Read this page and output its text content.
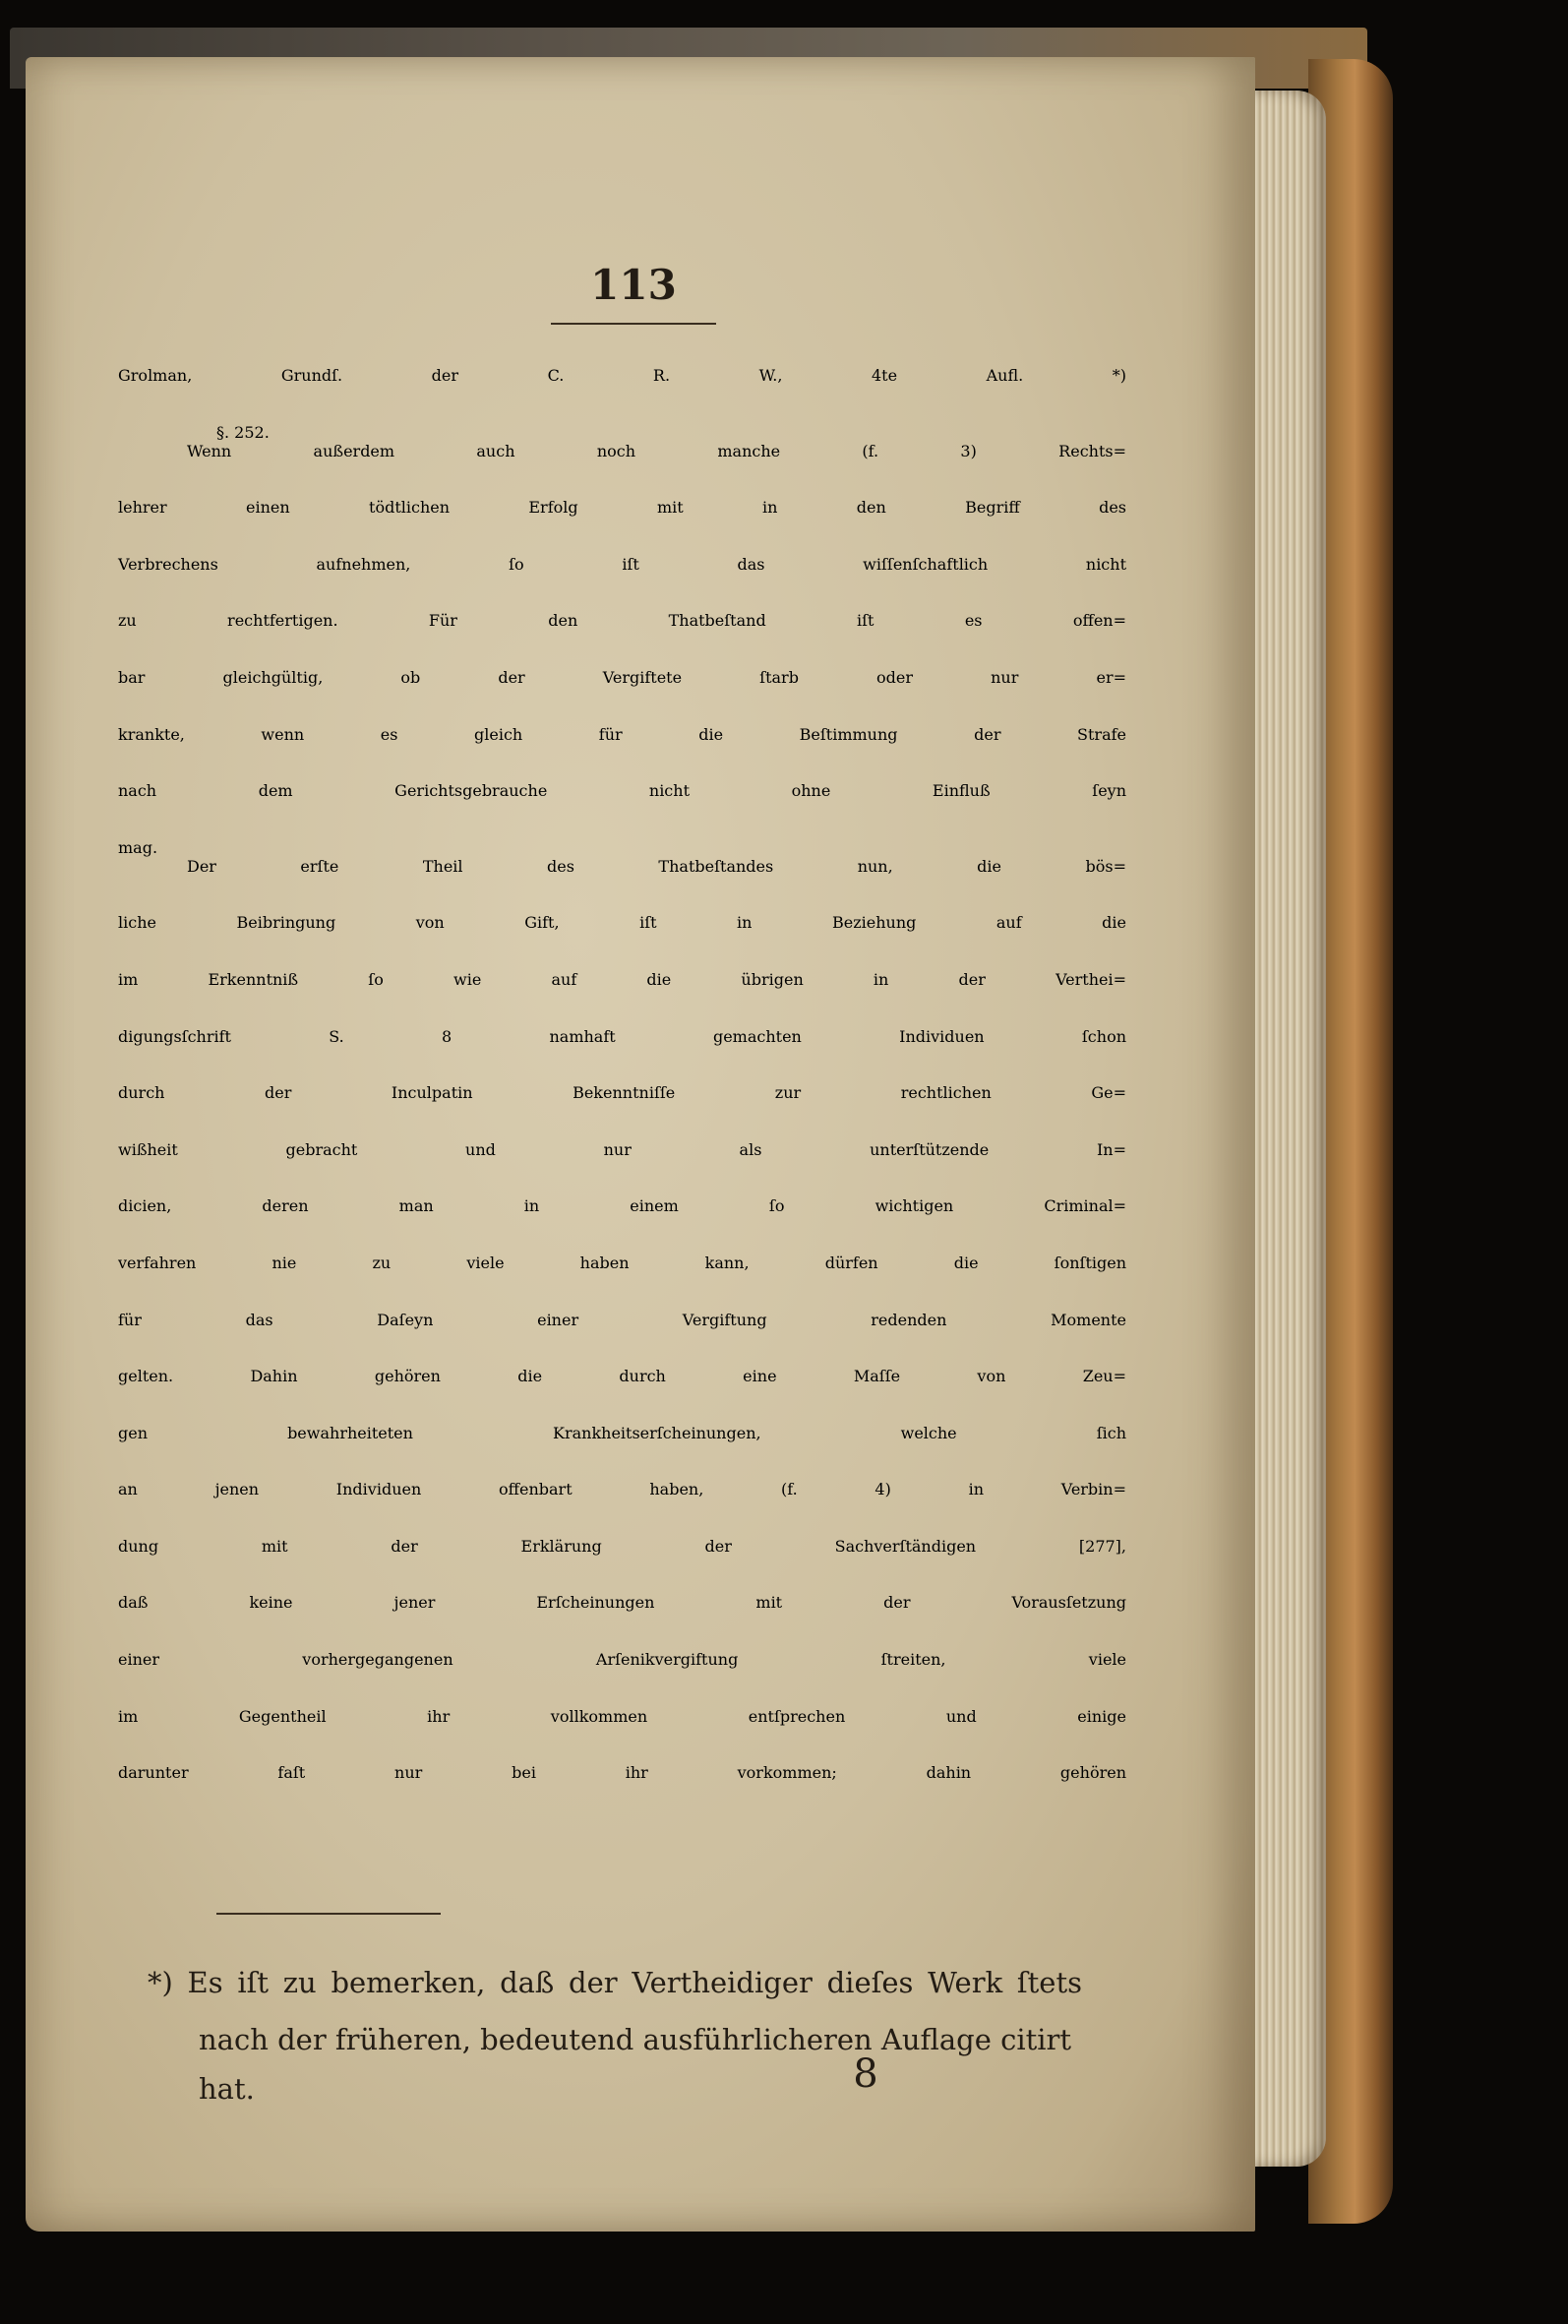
113
Grolman, Grundſ. der C. R. W., 4te Aufl. *)
§. 252.
Wenn außerdem auch noch manche (f. 3) Rechts=
lehrer einen tödtlichen Erfolg mit in den Begriff des
Verbrechens aufnehmen, ſo iſt das wiſſenſchaftlich nicht
zu rechtfertigen. Für den Thatbeſtand iſt es offen=
bar gleichgültig, ob der Vergiftete ſtarb oder nur er=
krankte, wenn es gleich für die Beſtimmung der Strafe
nach dem Gerichtsgebrauche nicht ohne Einfluß ſeyn
mag.
Der erſte Theil des Thatbeſtandes nun, die bös=
liche Beibringung von Gift, iſt in Beziehung auf die
im Erkenntniß ſo wie auf die übrigen in der Verthei=
digungsſchrift S. 8 namhaft gemachten Individuen ſchon
durch der Inculpatin Bekenntniſſe zur rechtlichen Ge=
wißheit gebracht und nur als unterſtützende In=
dicien, deren man in einem ſo wichtigen Criminal=
verfahren nie zu viele haben kann, dürfen die ſonſtigen
für das Daſeyn einer Vergiftung redenden Momente
gelten. Dahin gehören die durch eine Maſſe von Zeu=
gen bewahrheiteten Krankheitserſcheinungen, welche ſich
an jenen Individuen offenbart haben, (f. 4) in Verbin=
dung mit der Erklärung der Sachverſtändigen [277],
daß keine jener Erſcheinungen mit der Vorausſetzung
einer vorhergegangenen Arſenikvergiftung ſtreiten, viele
im Gegentheil ihr vollkommen entſprechen und einige
darunter faſt nur bei ihr vorkommen; dahin gehören
*) Es iſt zu bemerken, daß der Vertheidiger dieſes Werk ſtets
nach der früheren, bedeutend ausführlicheren Auflage citirt hat.	8
